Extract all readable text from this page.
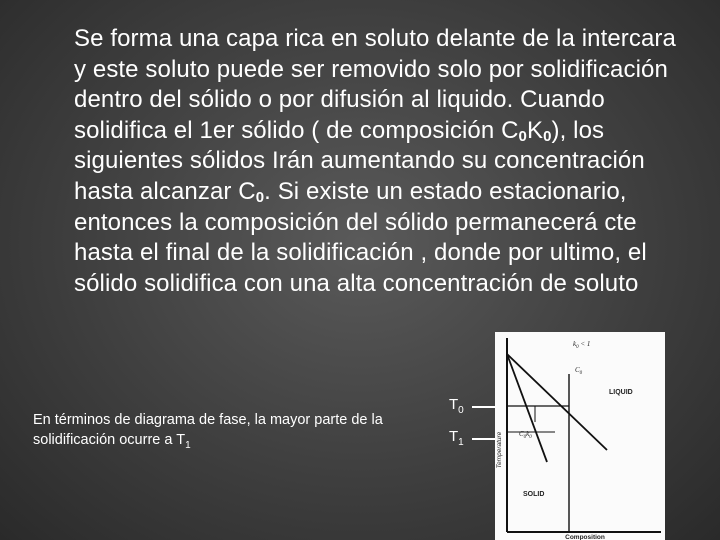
Se forma una capa rica en soluto delante de la intercara y este soluto puede ser removido solo por solidificación dentro del sólido o por difusión al liquido. Cuando solidifica el 1er sólido ( de composición $C_0K_0$), los siguientes sólidos Irán aumentando su concentración hasta alcanzar $C_0$. Si existe un estado estacionario, entonces la composición del sólido permanecerá cte hasta el final de la solidificación , donde por ultimo, el sólido solidifica con una alta concentración de soluto
En términos de diagrama de fase, la mayor parte de la solidificación ocurre a $T_1$
$T_0$
$T_1$
$k_0 < 1$
$C_0$
$C_0k_0$
LIQUID
SOLID
Temperature
Composition
